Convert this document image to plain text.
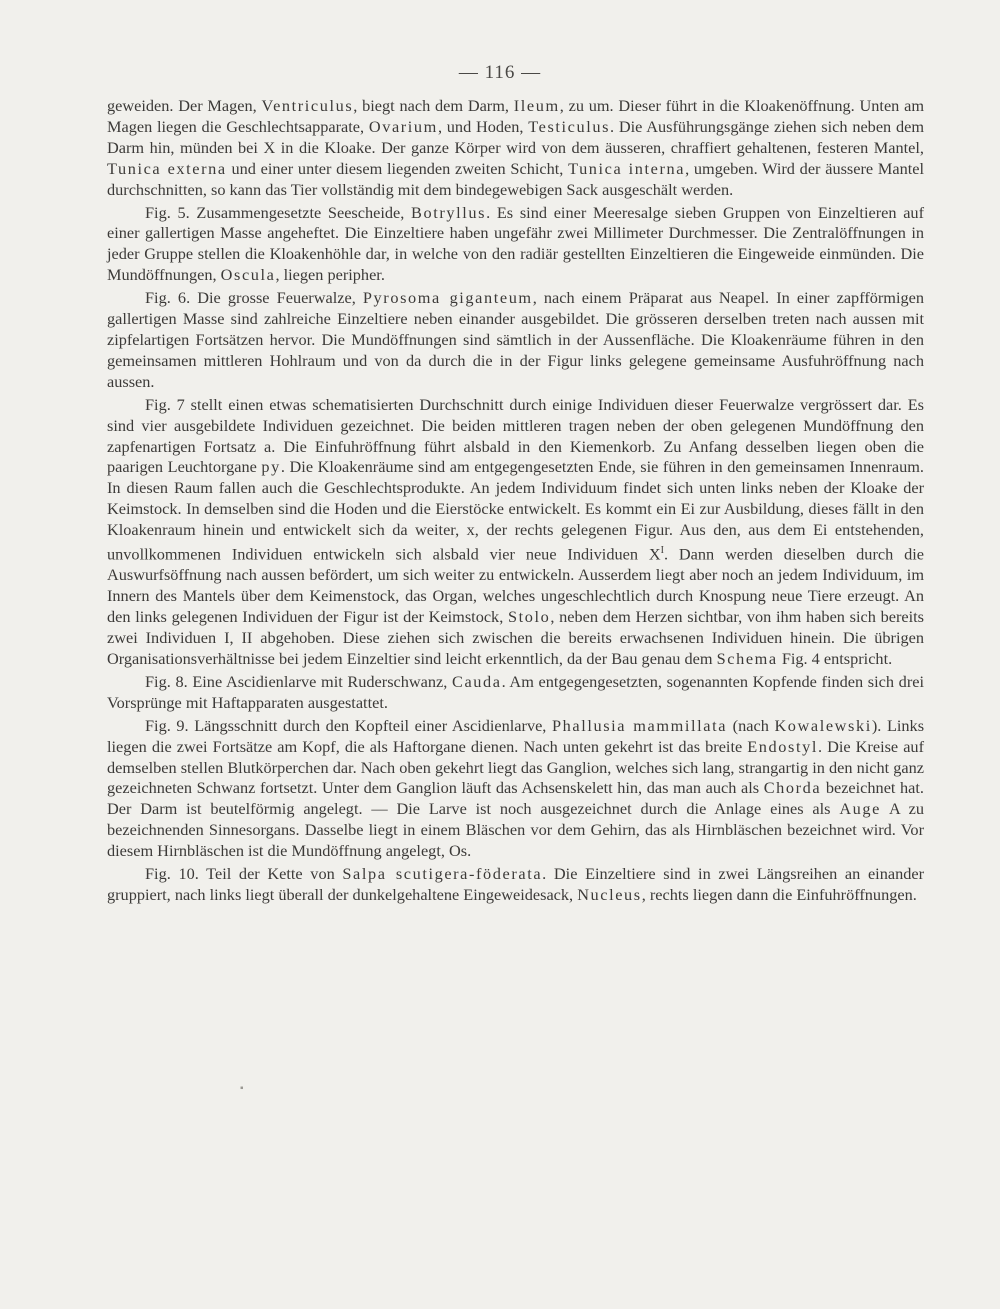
— 116 —

geweiden. Der Magen, Ventriculus, biegt nach dem Darm, Ileum, zu um. Dieser führt in die Kloakenöffnung. Unten am Magen liegen die Geschlechtsapparate, Ovarium, und Hoden, Testiculus. Die Ausführungsgänge ziehen sich neben dem Darm hin, münden bei X in die Kloake. Der ganze Körper wird von dem äusseren, chraffiert gehaltenen, festeren Mantel, Tunica externa und einer unter diesem liegenden zweiten Schicht, Tunica interna, umgeben. Wird der äussere Mantel durchschnitten, so kann das Tier vollständig mit dem bindegewebigen Sack ausgeschält werden.

Fig. 5. Zusammengesetzte Seescheide, Botryllus. Es sind einer Meeresalge sieben Gruppen von Einzeltieren auf einer gallertigen Masse angeheftet. Die Einzeltiere haben ungefähr zwei Millimeter Durchmesser. Die Zentralöffnungen in jeder Gruppe stellen die Kloakenhöhle dar, in welche von den radiär gestellten Einzeltieren die Eingeweide einmünden. Die Mundöffnungen, Oscula, liegen peripher.

Fig. 6. Die grosse Feuerwalze, Pyrosoma giganteum, nach einem Präparat aus Neapel. In einer zapfförmigen gallertigen Masse sind zahlreiche Einzeltiere neben einander ausgebildet. Die grösseren derselben treten nach aussen mit zipfelartigen Fortsätzen hervor. Die Mundöffnungen sind sämtlich in der Aussenfläche. Die Kloakenräume führen in den gemeinsamen mittleren Hohlraum und von da durch die in der Figur links gelegene gemeinsame Ausfuhröffnung nach aussen.

Fig. 7 stellt einen etwas schematisierten Durchschnitt durch einige Individuen dieser Feuerwalze vergrössert dar. Es sind vier ausgebildete Individuen gezeichnet. Die beiden mittleren tragen neben der oben gelegenen Mundöffnung den zapfenartigen Fortsatz a. Die Einfuhröffnung führt alsbald in den Kiemenkorb. Zu Anfang desselben liegen oben die paarigen Leuchtorgane py. Die Kloakenräume sind am entgegengesetzten Ende, sie führen in den gemeinsamen Innenraum. In diesen Raum fallen auch die Geschlechtsprodukte. An jedem Individuum findet sich unten links neben der Kloake der Keimstock. In demselben sind die Hoden und die Eierstöcke entwickelt. Es kommt ein Ei zur Ausbildung, dieses fällt in den Kloakenraum hinein und entwickelt sich da weiter, x, der rechts gelegenen Figur. Aus den, aus dem Ei entstehenden, unvollkommenen Individuen entwickeln sich alsbald vier neue Individuen $X^I$. Dann werden dieselben durch die Auswurfsöffnung nach aussen befördert, um sich weiter zu entwickeln. Ausserdem liegt aber noch an jedem Individuum, im Innern des Mantels über dem Keimenstock, das Organ, welches ungeschlechtlich durch Knospung neue Tiere erzeugt. An den links gelegenen Individuen der Figur ist der Keimstock, Stolo, neben dem Herzen sichtbar, von ihm haben sich bereits zwei Individuen I, II abgehoben. Diese ziehen sich zwischen die bereits erwachsenen Individuen hinein. Die übrigen Organisationsverhältnisse bei jedem Einzeltier sind leicht erkenntlich, da der Bau genau dem Schema Fig. 4 entspricht.

Fig. 8. Eine Ascidienlarve mit Ruderschwanz, Cauda. Am entgegengesetzten, sogenannten Kopfende finden sich drei Vorsprünge mit Haftapparaten ausgestattet.

Fig. 9. Längsschnitt durch den Kopfteil einer Ascidienlarve, Phallusia mammillata (nach Kowalewski). Links liegen die zwei Fortsätze am Kopf, die als Haftorgane dienen. Nach unten gekehrt ist das breite Endostyl. Die Kreise auf demselben stellen Blutkörperchen dar. Nach oben gekehrt liegt das Ganglion, welches sich lang, strangartig in den nicht ganz gezeichneten Schwanz fortsetzt. Unter dem Ganglion läuft das Achsenskelett hin, das man auch als Chorda bezeichnet hat. Der Darm ist beutelförmig angelegt. — Die Larve ist noch ausgezeichnet durch die Anlage eines als Auge A zu bezeichnenden Sinnesorgans. Dasselbe liegt in einem Bläschen vor dem Gehirn, das als Hirnbläschen bezeichnet wird. Vor diesem Hirnbläschen ist die Mundöffnung angelegt, Os.

Fig. 10. Teil der Kette von Salpa scutigera-föderata. Die Einzeltiere sind in zwei Längsreihen an einander gruppiert, nach links liegt überall der dunkelgehaltene Eingeweidesack, Nucleus, rechts liegen dann die Einfuhröffnungen.

▪
